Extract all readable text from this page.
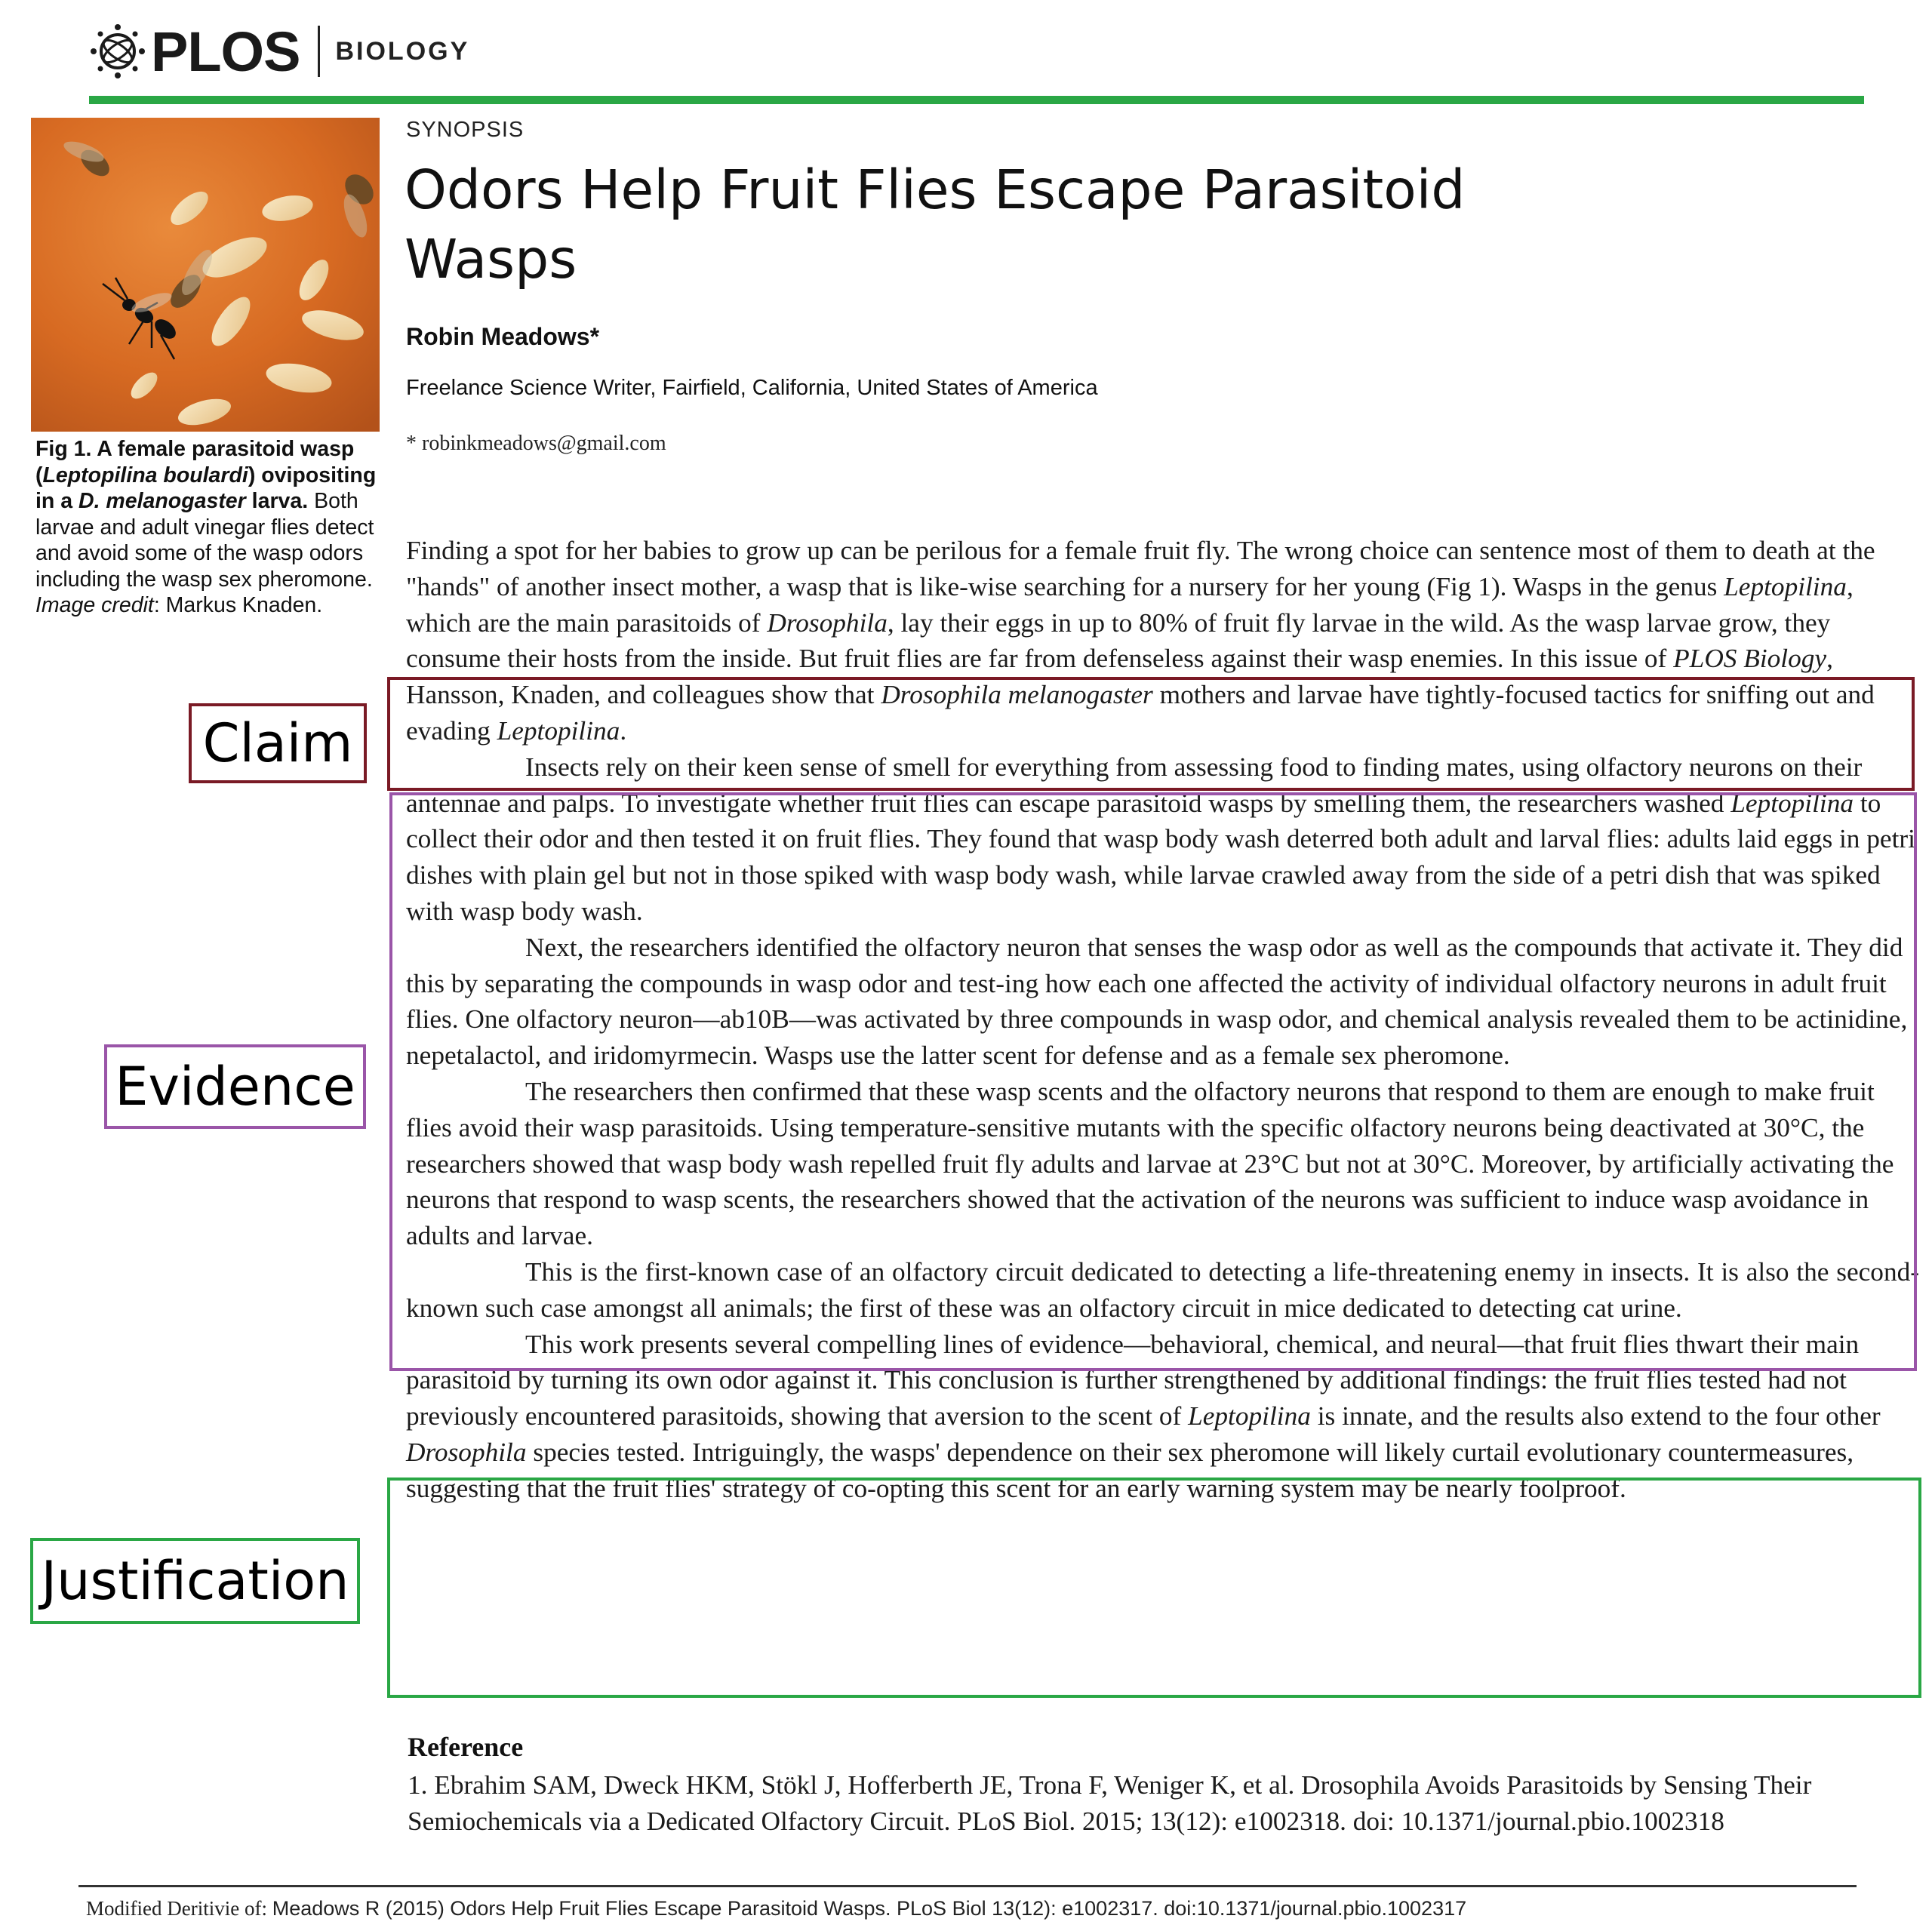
PLOS BIOLOGY
Fig 1. A female parasitoid wasp (Leptopilina boulardi) ovipositing in a D. melanogaster larva. Both larvae and adult vinegar flies detect and avoid some of the wasp odors including the wasp sex pheromone. Image credit: Markus Knaden.
SYNOPSIS
Odors Help Fruit Flies Escape Parasitoid Wasps
Robin Meadows*
Freelance Science Writer, Fairfield, California, United States of America
* robinkmeadows@gmail.com

Finding a spot for her babies to grow up can be perilous for a female fruit fly. The wrong choice can sentence most of them to death at the "hands" of another insect mother, a wasp that is like-wise searching for a nursery for her young (Fig 1). Wasps in the genus Leptopilina, which are the main parasitoids of Drosophila, lay their eggs in up to 80% of fruit fly larvae in the wild. As the wasp larvae grow, they consume their hosts from the inside. But fruit flies are far from defenseless against their wasp enemies. In this issue of PLOS Biology, Hansson, Knaden, and colleagues show that Drosophila melanogaster mothers and larvae have tightly-focused tactics for sniffing out and evading Leptopilina.

Insects rely on their keen sense of smell for everything from assessing food to finding mates, using olfactory neurons on their antennae and palps. To investigate whether fruit flies can escape parasitoid wasps by smelling them, the researchers washed Leptopilina to collect their odor and then tested it on fruit flies. They found that wasp body wash deterred both adult and larval flies: adults laid eggs in petri dishes with plain gel but not in those spiked with wasp body wash, while larvae crawled away from the side of a petri dish that was spiked with wasp body wash.

Next, the researchers identified the olfactory neuron that senses the wasp odor as well as the compounds that activate it. They did this by separating the compounds in wasp odor and test-ing how each one affected the activity of individual olfactory neurons in adult fruit flies. One olfactory neuron—ab10B—was activated by three compounds in wasp odor, and chemical analysis revealed them to be actinidine, nepetalactol, and iridomyrmecin. Wasps use the latter scent for defense and as a female sex pheromone.

The researchers then confirmed that these wasp scents and the olfactory neurons that respond to them are enough to make fruit flies avoid their wasp parasitoids. Using temperature-sensitive mutants with the specific olfactory neurons being deactivated at 30°C, the researchers showed that wasp body wash repelled fruit fly adults and larvae at 23°C but not at 30°C. Moreover, by artificially activating the neurons that respond to wasp scents, the researchers showed that the activation of the neurons was sufficient to induce wasp avoidance in adults and larvae.

This is the first-known case of an olfactory circuit dedicated to detecting a life-threatening enemy in insects. It is also the second-known such case amongst all animals; the first of these was an olfactory circuit in mice dedicated to detecting cat urine.

This work presents several compelling lines of evidence—behavioral, chemical, and neural—that fruit flies thwart their main parasitoid by turning its own odor against it. This conclusion is further strengthened by additional findings: the fruit flies tested had not previously encountered parasitoids, showing that aversion to the scent of Leptopilina is innate, and the results also extend to the four other Drosophila species tested. Intriguingly, the wasps' dependence on their sex pheromone will likely curtail evolutionary countermeasures, suggesting that the fruit flies' strategy of co-opting this scent for an early warning system may be nearly foolproof.

Claim
Evidence
Justification
Reference
1. Ebrahim SAM, Dweck HKM, Stökl J, Hofferberth JE, Trona F, Weniger K, et al. Drosophila Avoids Parasitoids by Sensing Their Semiochemicals via a Dedicated Olfactory Circuit. PLoS Biol. 2015; 13(12): e1002318. doi: 10.1371/journal.pbio.1002318
Modified Deritivie of: Meadows R (2015) Odors Help Fruit Flies Escape Parasitoid Wasps. PLoS Biol 13(12): e1002317. doi:10.1371/journal.pbio.1002317
